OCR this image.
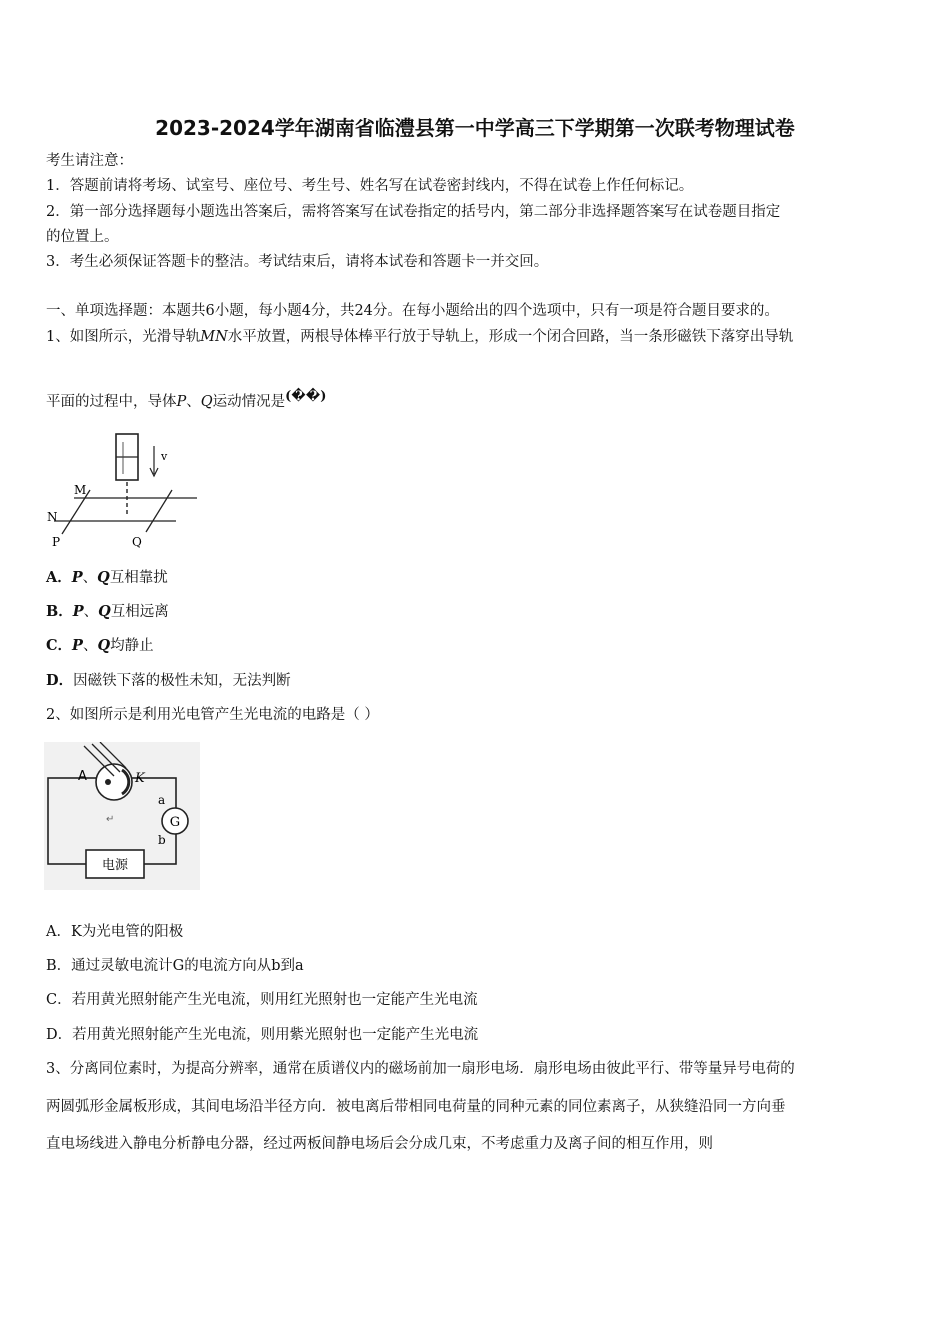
2023-2024学年湖南省临澧县第一中学高三下学期第一次联考物理试卷
考生请注意：
1．答题前请将考场、试室号、座位号、考生号、姓名写在试卷密封线内，不得在试卷上作任何标记。
2．第一部分选择题每小题选出答案后，需将答案写在试卷指定的括号内，第二部分非选择题答案写在试卷题目指定
的位置上。
3．考生必须保证答题卡的整洁。考试结束后，请将本试卷和答题卡一并交回。
一、单项选择题：本题共6小题，每小题4分，共24分。在每小题给出的四个选项中，只有一项是符合题目要求的。
1、如图所示，光滑导轨MN水平放置，两根导体棒平行放于导轨上，形成一个闭合回路，当一条形磁铁下落穿出导轨
平面的过程中，导体P、Q运动情况是(��)
v
M
N
P	Q
A．P、Q互相靠扰
B．P、Q互相远离
C．P、Q均静止
D．因磁铁下落的极性未知，无法判断
2、如图所示是利用光电管产生光电流的电路是（ ）
电源
A	K
G
a
b
↵
A．K为光电管的阳极
B．通过灵敏电流计G的电流方向从b到a
C．若用黄光照射能产生光电流，则用红光照射也一定能产生光电流
D．若用黄光照射能产生光电流，则用紫光照射也一定能产生光电流
3、分离同位素时，为提高分辨率，通常在质谱仪内的磁场前加一扇形电场．扇形电场由彼此平行、带等量异号电荷的
两圆弧形金属板形成，其间电场沿半径方向．被电离后带相同电荷量的同种元素的同位素离子，从狭缝沿同一方向垂
直电场线进入静电分析静电分器，经过两板间静电场后会分成几束，不考虑重力及离子间的相互作用，则
